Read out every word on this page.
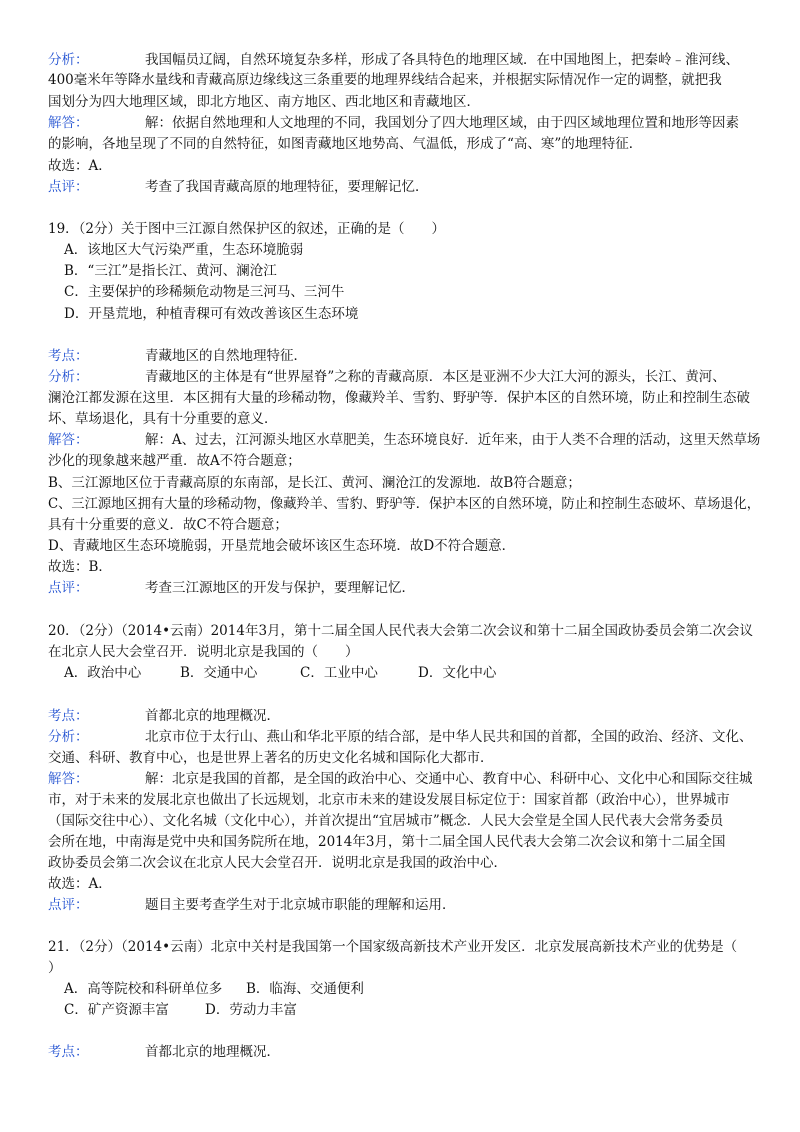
分析：	我国幅员辽阔，自然环境复杂多样，形成了各具特色的地理区域．在中国地图上，把秦岭﹣淮河线、
400毫米年等降水量线和青藏高原边缘线这三条重要的地理界线结合起来，并根据实际情况作一定的调整，就把我
国划分为四大地理区域，即北方地区、南方地区、西北地区和青藏地区．
解答：	解：依据自然地理和人文地理的不同，我国划分了四大地理区域，由于四区域地理位置和地形等因素
的影响，各地呈现了不同的自然特征，如图青藏地区地势高、气温低，形成了“高、寒”的地理特征．
故选：A．
点评：	考查了我国青藏高原的地理特征，要理解记忆．
19．（2分）关于图中三江源自然保护区的叙述，正确的是（　　）
A．该地区大气污染严重，生态环境脆弱
B．“三江”是指长江、黄河、澜沧江
C．主要保护的珍稀频危动物是三河马、三河牛
D．开垦荒地，种植青稞可有效改善该区生态环境
考点：	青藏地区的自然地理特征．
分析：	青藏地区的主体是有“世界屋脊”之称的青藏高原．本区是亚洲不少大江大河的源头，长江、黄河、
澜沧江都发源在这里．本区拥有大量的珍稀动物，像藏羚羊、雪豹、野驴等．保护本区的自然环境，防止和控制生态破
坏、草场退化，具有十分重要的意义．
解答：	解：A、过去，江河源头地区水草肥美，生态环境良好．近年来，由于人类不合理的活动，这里天然草场
沙化的现象越来越严重．故A不符合题意；
B、三江源地区位于青藏高原的东南部，是长江、黄河、澜沧江的发源地．故B符合题意；
C、三江源地区拥有大量的珍稀动物，像藏羚羊、雪豹、野驴等．保护本区的自然环境，防止和控制生态破坏、草场退化，
具有十分重要的意义．故C不符合题意；
D、青藏地区生态环境脆弱，开垦荒地会破坏该区生态环境．故D不符合题意．
故选：B．
点评：	考查三江源地区的开发与保护，要理解记忆．
20．（2分）（2014•云南）2014年3月，第十二届全国人民代表大会第二次会议和第十二届全国政协委员会第二次会议
在北京人民大会堂召开．说明北京是我国的（　　）
A．政治中心	B．交通中心	C．工业中心	D．文化中心
考点：	首都北京的地理概况．
分析：	北京市位于太行山、燕山和华北平原的结合部，是中华人民共和国的首都，全国的政治、经济、文化、
交通、科研、教育中心，也是世界上著名的历史文化名城和国际化大都市．
解答：	解：北京是我国的首都，是全国的政治中心、交通中心、教育中心、科研中心、文化中心和国际交往城
市，对于未来的发展北京也做出了长远规划，北京市未来的建设发展目标定位于：国家首都（政治中心），世界城市
（国际交往中心）、文化名城（文化中心），并首次提出“宜居城市”概念．人民大会堂是全国人民代表大会常务委员
会所在地，中南海是党中央和国务院所在地，2014年3月，第十二届全国人民代表大会第二次会议和第十二届全国
政协委员会第二次会议在北京人民大会堂召开．说明北京是我国的政治中心．
故选：A．
点评：	题目主要考查学生对于北京城市职能的理解和运用．
21．（2分）（2014•云南）北京中关村是我国第一个国家级高新技术产业开发区．北京发展高新技术产业的优势是（
）
A．高等院校和科研单位多 B．临海、交通便利
C．矿产资源丰富	D．劳动力丰富
考点：	首都北京的地理概况．
